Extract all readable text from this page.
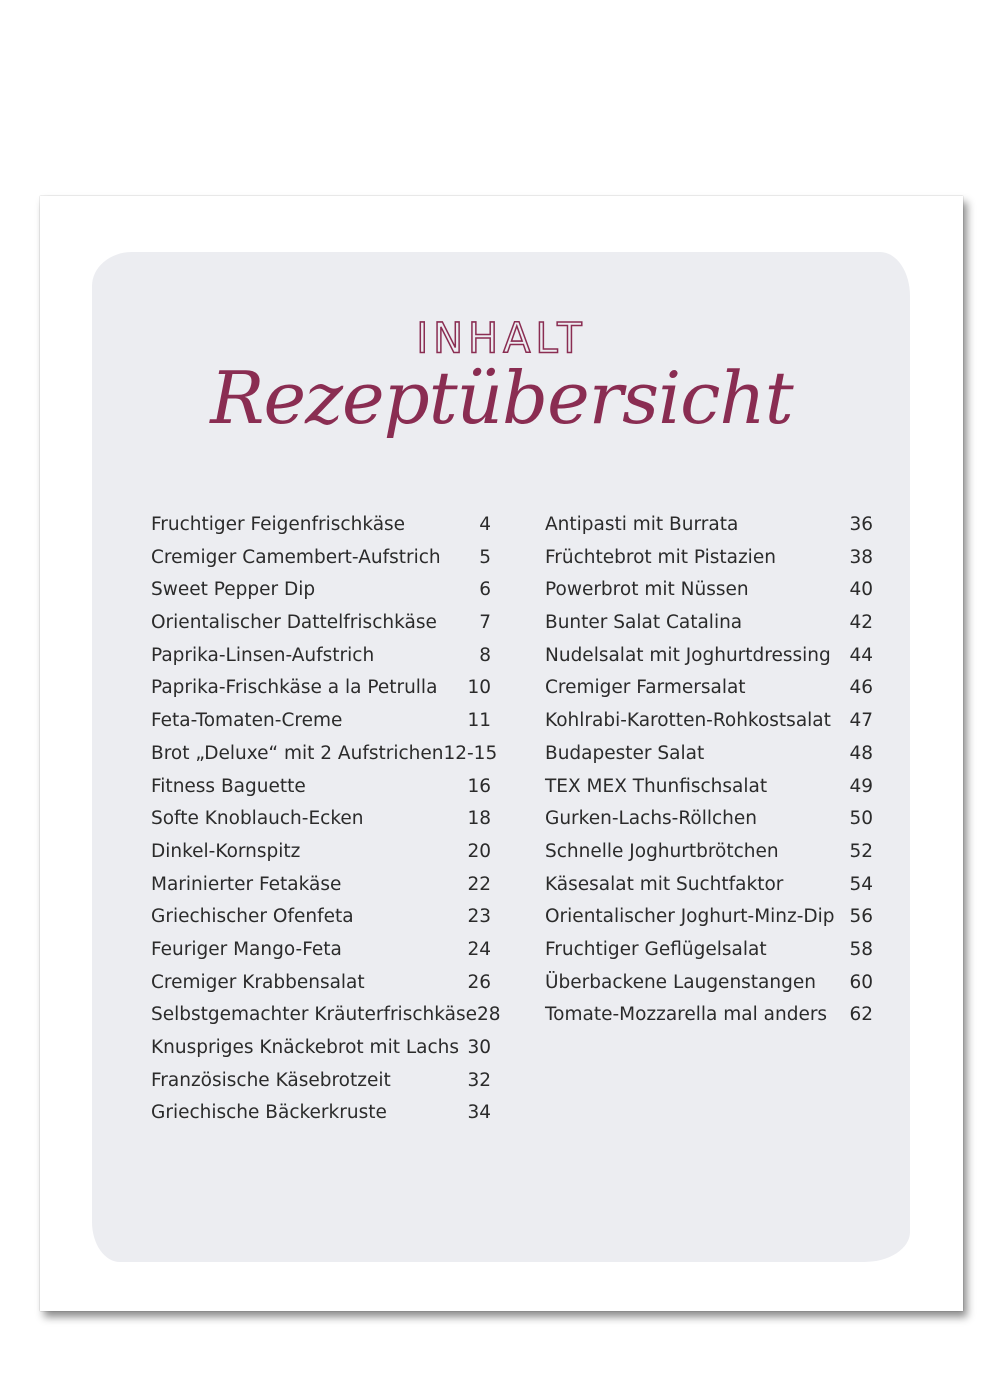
INHALT
Rezeptübersicht
Fruchtiger Feigenfrischkäse	4
Cremiger Camembert-Aufstrich 5
Sweet Pepper Dip	6
Orientalischer Dattelfrischkäse 7
Paprika-Linsen-Aufstrich	8
Paprika-Frischkäse a la Petrulla 10
Feta-Tomaten-Creme	11
Brot „Deluxe“ mit 2 Aufstrichen 12-15
Fitness Baguette	16
Softe Knoblauch-Ecken	18
Dinkel-Kornspitz	20
Marinierter Fetakäse	22
Griechischer Ofenfeta	23
Feuriger Mango-Feta	24
Cremiger Krabbensalat	26
Selbstgemachter Kräuterfrischkäse 28
Knuspriges Knäckebrot mit Lachs 30
Französische Käsebrotzeit	32
Griechische Bäckerkruste	34
Antipasti mit Burrata	36
Früchtebrot mit Pistazien	38
Powerbrot mit Nüssen	40
Bunter Salat Catalina	42
Nudelsalat mit Joghurtdressing 44
Cremiger Farmersalat	46
Kohlrabi-Karotten-Rohkostsalat 47
Budapester Salat	48
TEX MEX Thunfischsalat	49
Gurken-Lachs-Röllchen	50
Schnelle Joghurtbrötchen	52
Käsesalat mit Suchtfaktor	54
Orientalischer Joghurt-Minz-Dip 56
Fruchtiger Geflügelsalat	58
Überbackene Laugenstangen 60
Tomate-Mozzarella mal anders 62
